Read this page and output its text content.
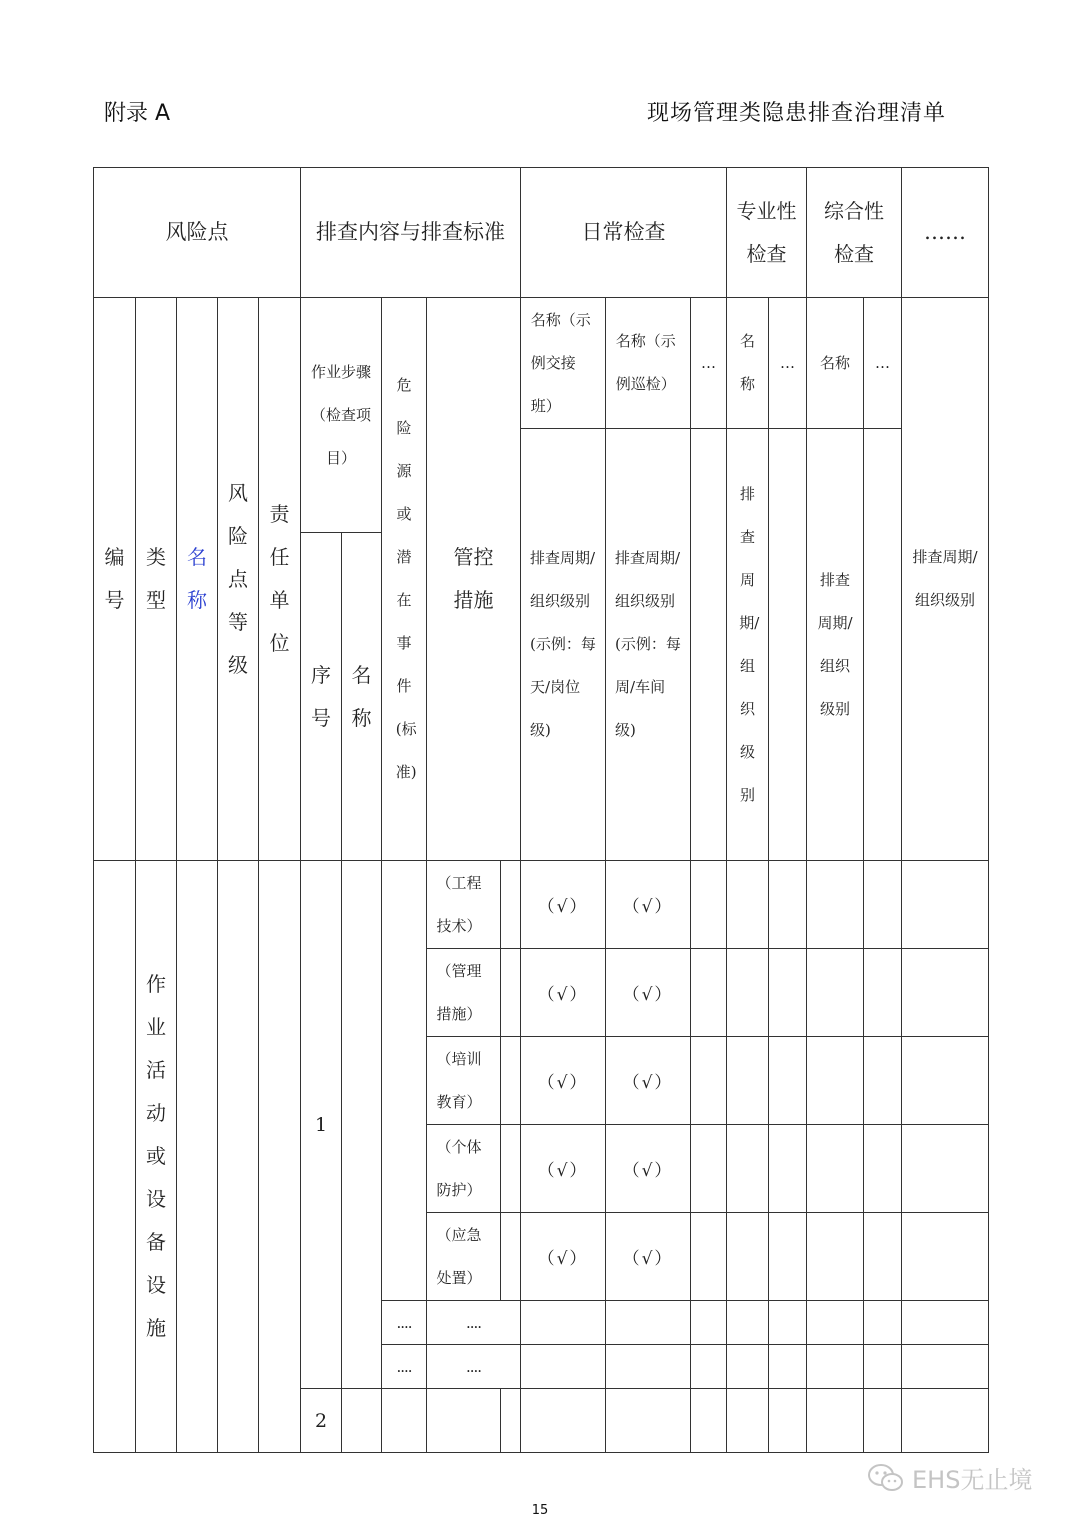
附录 A	现场管理类隐患排查治理清单
风险点					排查内容与排查标准					日常检查			专业性检查		综合性检查		……	
编号	类型	名称	风险点等级	责任单位	作业步骤（检查项目）		危险源或潜在事件(标准)	管控措施		名称（示例交接班）	名称（示例巡检）	…	名称	…	名称	…	排查周期/组织级别	
										排查周期/组织级别(示例：每天/岗位级)	排查周期/组织级别(示例：每周/车间级)		排查周期/组织级别		排查周期/组织级别			
					序号	名称												
	作业活动或设备设施				1			（工程技术）		（√）	（√）							
								（管理措施）		（√）	（√）							
								（培训教育）		（√）	（√）							
								（个体防护）		（√）	（√）							
								（应急处置）		（√）	（√）							
							....	....										
							....	....										
					2													
EHS无止境
15
